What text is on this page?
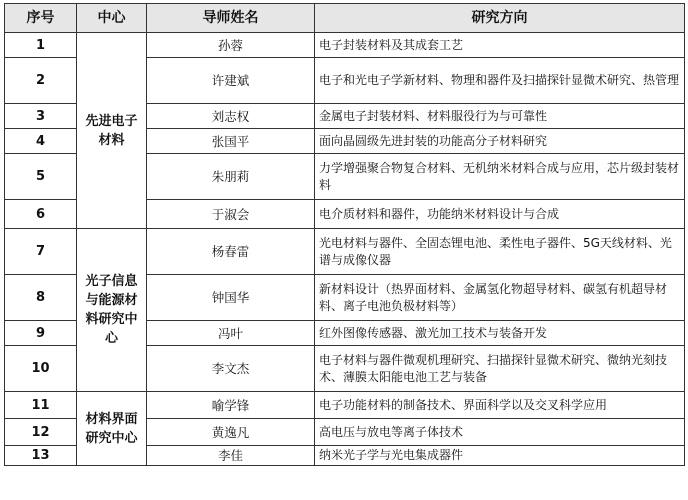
序号	中心	导师姓名	研究方向
1	先进电子材料	孙蓉	电子封装材料及其成套工艺
2		许建斌	电子和光电子学新材料、物理和器件及扫描探针显微术研究、热管理
3		刘志权	金属电子封装材料、材料服役行为与可靠性
4		张国平	面向晶圆级先进封装的功能高分子材料研究
5		朱朋莉	力学增强聚合物复合材料、无机纳米材料合成与应用，芯片级封装材料
6		于淑会	电介质材料和器件，功能纳米材料设计与合成
7	光子信息与能源材料研究中心	杨春雷	光电材料与器件、全固态锂电池、柔性电子器件、5G天线材料、光谱与成像仪器
8		钟国华	新材料设计（热界面材料、金属氢化物超导材料、碳氢有机超导材料、离子电池负极材料等）
9		冯叶	红外图像传感器、激光加工技术与装备开发
10		李文杰	电子材料与器件微观机理研究、扫描探针显微术研究、微纳光刻技术、薄膜太阳能电池工艺与装备
11	材料界面研究中心	喻学锋	电子功能材料的制备技术、界面科学以及交叉科学应用
12		黄逸凡	高电压与放电等离子体技术
13		李佳	纳米光子学与光电集成器件
